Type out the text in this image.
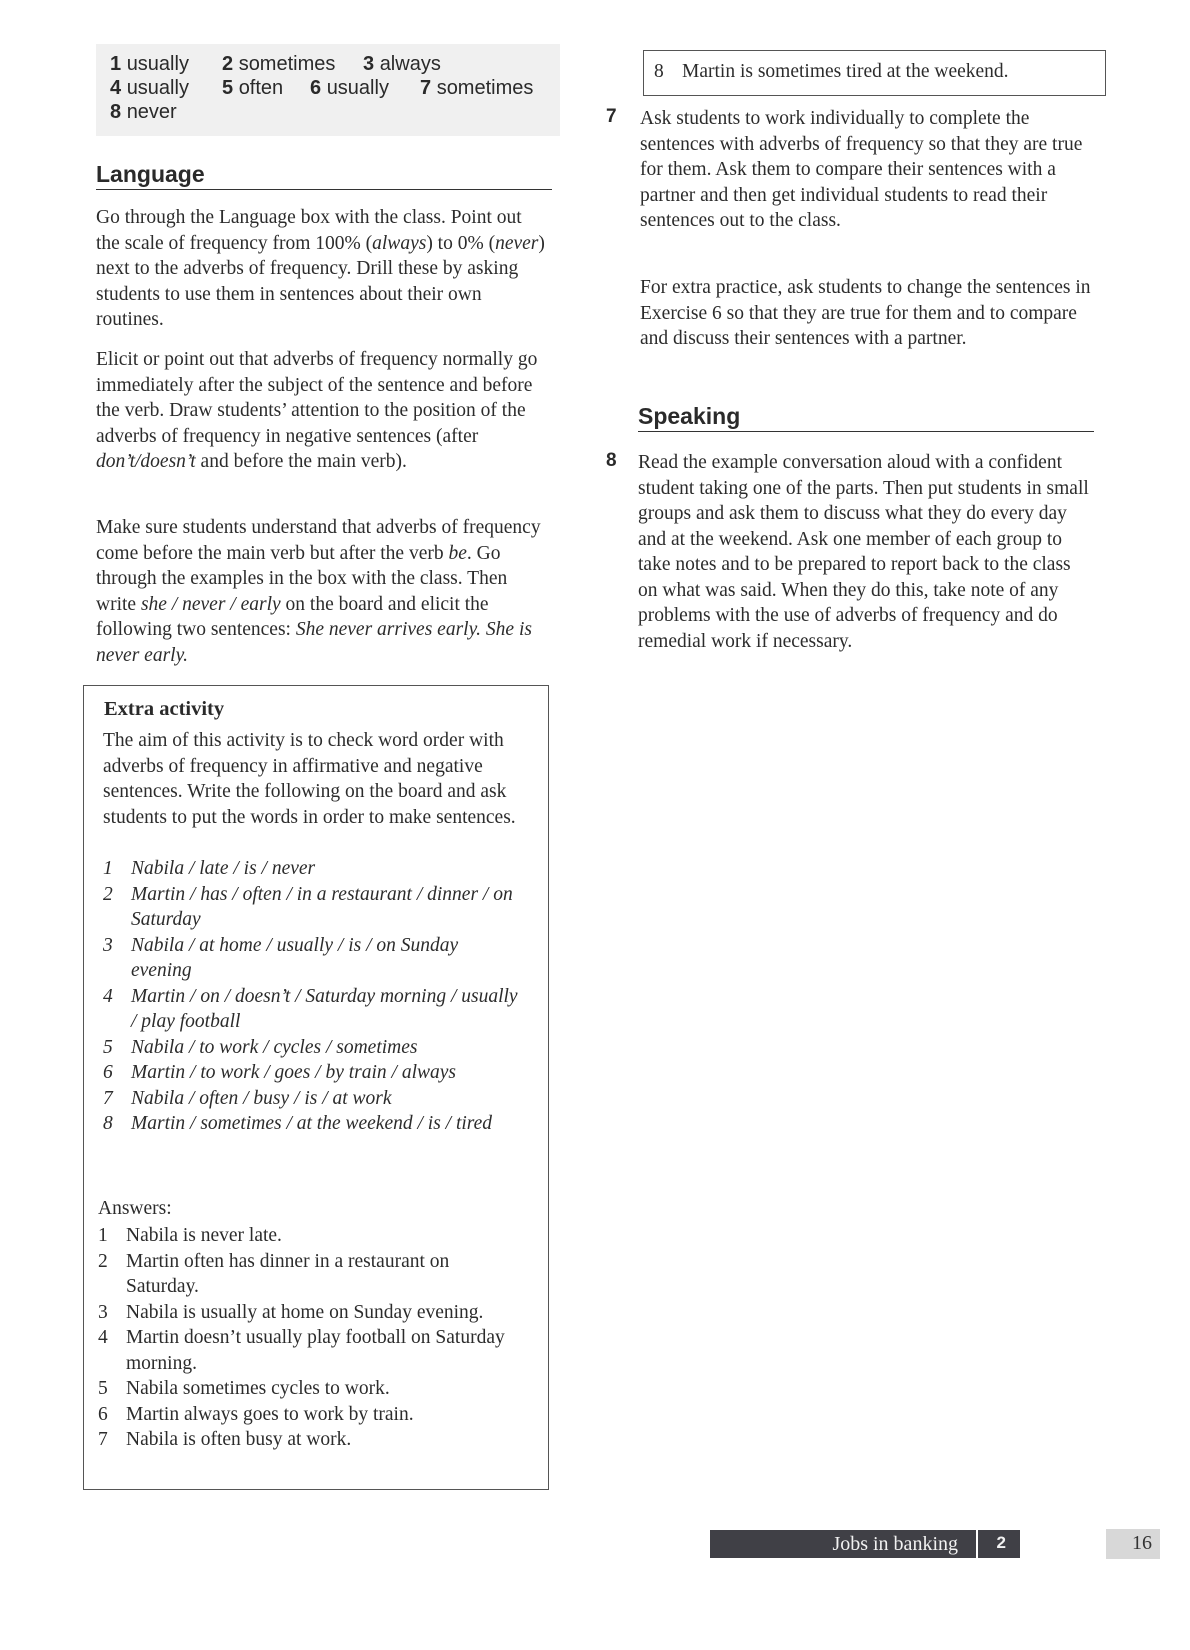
1 usually 2 sometimes 3 always
4 usually 5 often 6 usually 7 sometimes
8 never
Language
Go through the Language box with the class. Point out the scale of frequency from 100% (always) to 0% (never) next to the adverbs of frequency. Drill these by asking students to use them in sentences about their own routines.
Elicit or point out that adverbs of frequency normally go immediately after the subject of the sentence and before the verb. Draw students’ attention to the position of the adverbs of frequency in negative sentences (after don’t/doesn’t and before the main verb).
Make sure students understand that adverbs of frequency come before the main verb but after the verb be. Go through the examples in the box with the class. Then write she / never / early on the board and elicit the following two sentences: She never arrives early. She is never early.
Extra activity
The aim of this activity is to check word order with adverbs of frequency in affirmative and negative sentences. Write the following on the board and ask students to put the words in order to make sentences.
1 Nabila / late / is / never
2 Martin / has / often / in a restaurant / dinner / on Saturday
3 Nabila / at home / usually / is / on Sunday evening
4 Martin / on / doesn’t / Saturday morning / usually / play football
5 Nabila / to work / cycles / sometimes
6 Martin / to work / goes / by train / always
7 Nabila / often / busy / is / at work
8 Martin / sometimes / at the weekend / is / tired
Answers:
1 Nabila is never late.
2 Martin often has dinner in a restaurant on Saturday.
3 Nabila is usually at home on Sunday evening.
4 Martin doesn’t usually play football on Saturday morning.
5 Nabila sometimes cycles to work.
6 Martin always goes to work by train.
7 Nabila is often busy at work.
8 Martin is sometimes tired at the weekend.
7 Ask students to work individually to complete the sentences with adverbs of frequency so that they are true for them. Ask them to compare their sentences with a partner and then get individual students to read their sentences out to the class.
For extra practice, ask students to change the sentences in Exercise 6 so that they are true for them and to compare and discuss their sentences with a partner.
Speaking
8 Read the example conversation aloud with a confident student taking one of the parts. Then put students in small groups and ask them to discuss what they do every day and at the weekend. Ask one member of each group to take notes and to be prepared to report back to the class on what was said. When they do this, take note of any problems with the use of adverbs of frequency and do remedial work if necessary.
Jobs in banking 2	16
